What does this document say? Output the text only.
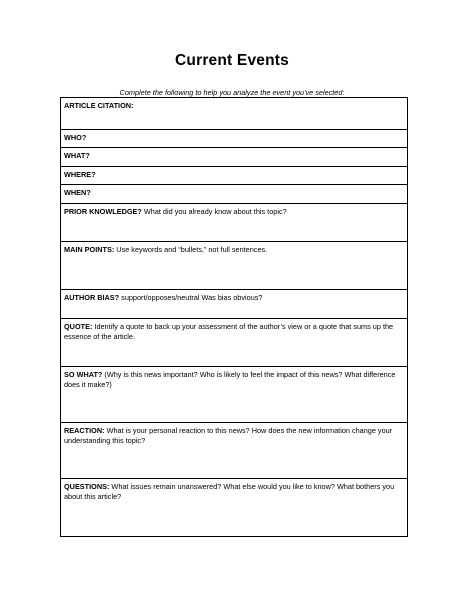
Current Events
Complete the following to help you analyze the event you've selected:
ARTICLE CITATION:
WHO?
WHAT?
WHERE?
WHEN?
PRIOR KNOWLEDGE? What did you already know about this topic?
MAIN POINTS: Use keywords and “bullets,” not full sentences.
AUTHOR BIAS? support/opposes/neutral Was bias obvious?
QUOTE: Identify a quote to back up your assessment of the author’s view or a quote that sums up the essence of the article.
SO WHAT? (Why is this news important? Who is likely to feel the impact of this news? What difference does it make?)
REACTION: What is your personal reaction to this news? How does the new information change your understanding this topic?
QUESTIONS: What issues remain unanswered? What else would you like to know? What bothers you about this article?
